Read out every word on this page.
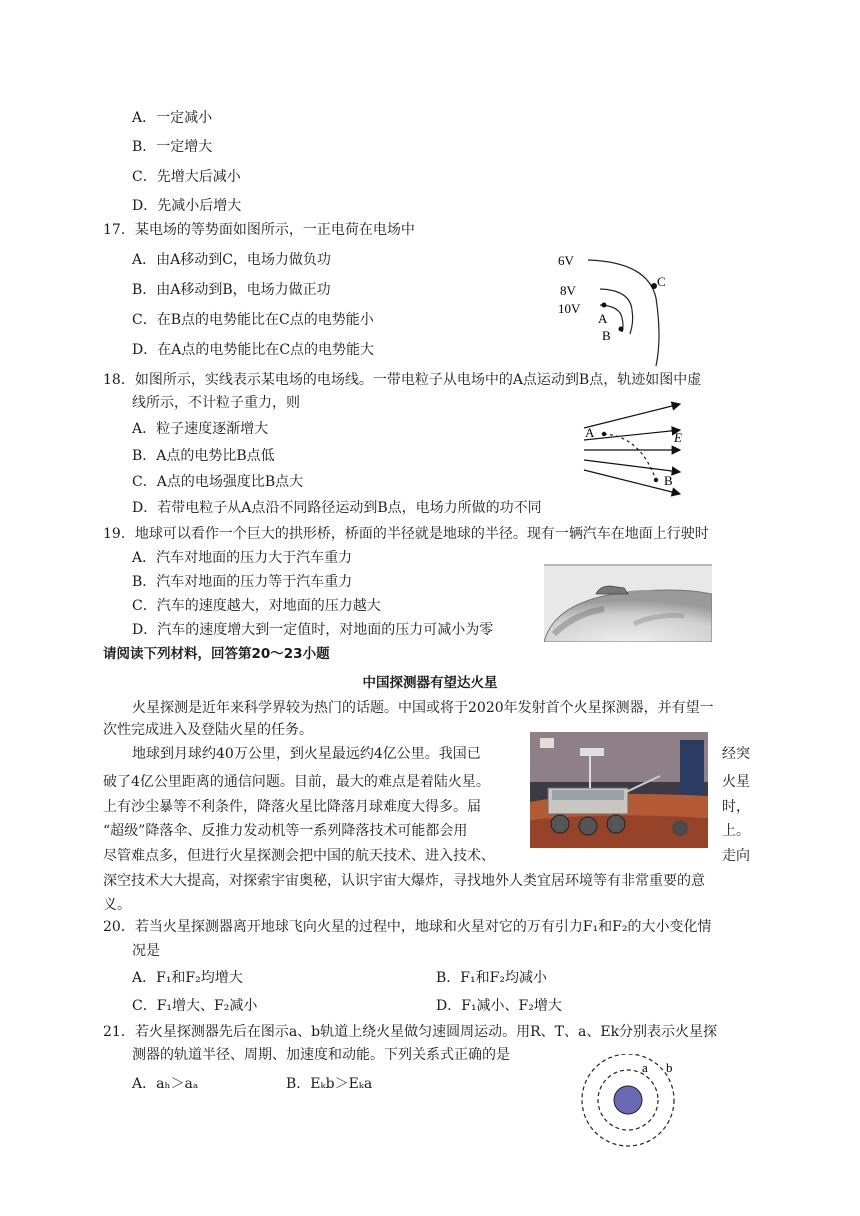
A．一定减小
B．一定增大
C．先增大后减小
D．先减小后增大
17．某电场的等势面如图所示，一正电荷在电场中
A．由A移动到C，电场力做负功
B．由A移动到B，电场力做正功
C．在B点的电势能比在C点的电势能小
D．在A点的电势能比在C点的电势能大
6V
8V
10V
A
B
C
18．如图所示，实线表示某电场的电场线。一带电粒子从电场中的A点运动到B点，轨迹如图中虚
线所示，不计粒子重力，则
A．粒子速度逐渐增大
B．A点的电势比B点低
C．A点的电场强度比B点大
D．若带电粒子从A点沿不同路径运动到B点，电场力所做的功不同
A	E
B
19．地球可以看作一个巨大的拱形桥，桥面的半径就是地球的半径。现有一辆汽车在地面上行驶时
A．汽车对地面的压力大于汽车重力
B．汽车对地面的压力等于汽车重力
C．汽车的速度越大，对地面的压力越大
D．汽车的速度增大到一定值时，对地面的压力可减小为零
请阅读下列材料，回答第20～23小题
中国探测器有望达火星
火星探测是近年来科学界较为热门的话题。中国或将于2020年发射首个火星探测器，并有望一
次性完成进入及登陆火星的任务。
地球到月球约40万公里，到火星最远约4亿公里。我国已	经突
破了4亿公里距离的通信问题。目前，最大的难点是着陆火星。	火星
上有沙尘暴等不利条件，降落火星比降落月球难度大得多。届	时，
“超级”降落伞、反推力发动机等一系列降落技术可能都会用	上。
尽管难点多，但进行火星探测会把中国的航天技术、进入技术、	走向
深空技术大大提高，对探索宇宙奥秘，认识宇宙大爆炸，寻找地外人类宜居环境等有非常重要的意
义。
20．若当火星探测器离开地球飞向火星的过程中，地球和火星对它的万有引力F₁和F₂的大小变化情
况是
A．F₁和F₂均增大	B．F₁和F₂均减小
C．F₁增大、F₂减小	D．F₁减小、F₂增大
21．若火星探测器先后在图示a、b轨道上绕火星做匀速圆周运动。用R、T、a、Ek分别表示火星探
测器的轨道半径、周期、加速度和动能。下列关系式正确的是
A．aₕ＞aₐ	B．Eₖb＞Eₖa
a b
